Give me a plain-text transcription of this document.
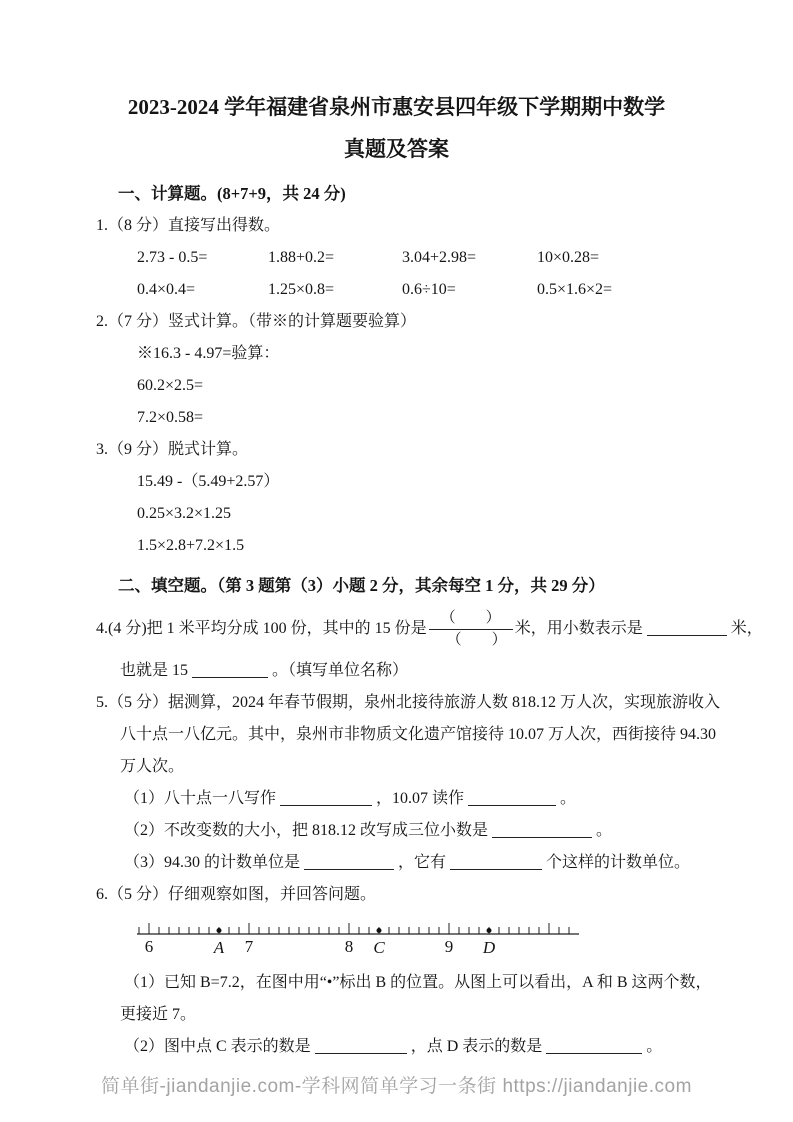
2023-2024 学年福建省泉州市惠安县四年级下学期期中数学
真题及答案
一、计算题。(8+7+9，共 24 分)
1.（8 分）直接写出得数。
2.73 - 0.5=	1.88+0.2=	3.04+2.98=	10×0.28=
0.4×0.4=	1.25×0.8=	0.6÷10=	0.5×1.6×2=
2.（7 分）竖式计算。（带※的计算题要验算）
※16.3 - 4.97=验算：
60.2×2.5=
7.2×0.58=
3.（9 分）脱式计算。
15.49 -（5.49+2.57）
0.25×3.2×1.25
1.5×2.8+7.2×1.5
二、填空题。（第 3 题第（3）小题 2 分，其余每空 1 分，共 29 分）
4.(4 分)把 1 米平均分成 100 份，其中的 15 份是 $\frac{( )}{( )}$ 米，用小数表示是	米，
也就是 15	。（填写单位名称）
5.（5 分）据测算，2024 年春节假期，泉州北接待旅游人数 818.12 万人次，实现旅游收入
八十点一八亿元。其中，泉州市非物质文化遗产馆接待 10.07 万人次，西街接待 94.30
万人次。
（1）八十点一八写作	，10.07 读作	。
（2）不改变数的大小，把 818.12 改写成三位小数是	。
（3）94.30 的计数单位是	，它有	个这样的计数单位。
6.（5 分）仔细观察如图，并回答问题。
6	7	8	9
A	C	D
（1）已知 B=7.2，在图中用“•”标出 B 的位置。从图上可以看出，A 和 B 这两个数，
更接近 7。
（2）图中点 C 表示的数是	，点 D 表示的数是	。
简单街-jiandanjie.com-学科网简单学习一条街 https://jiandanjie.com
